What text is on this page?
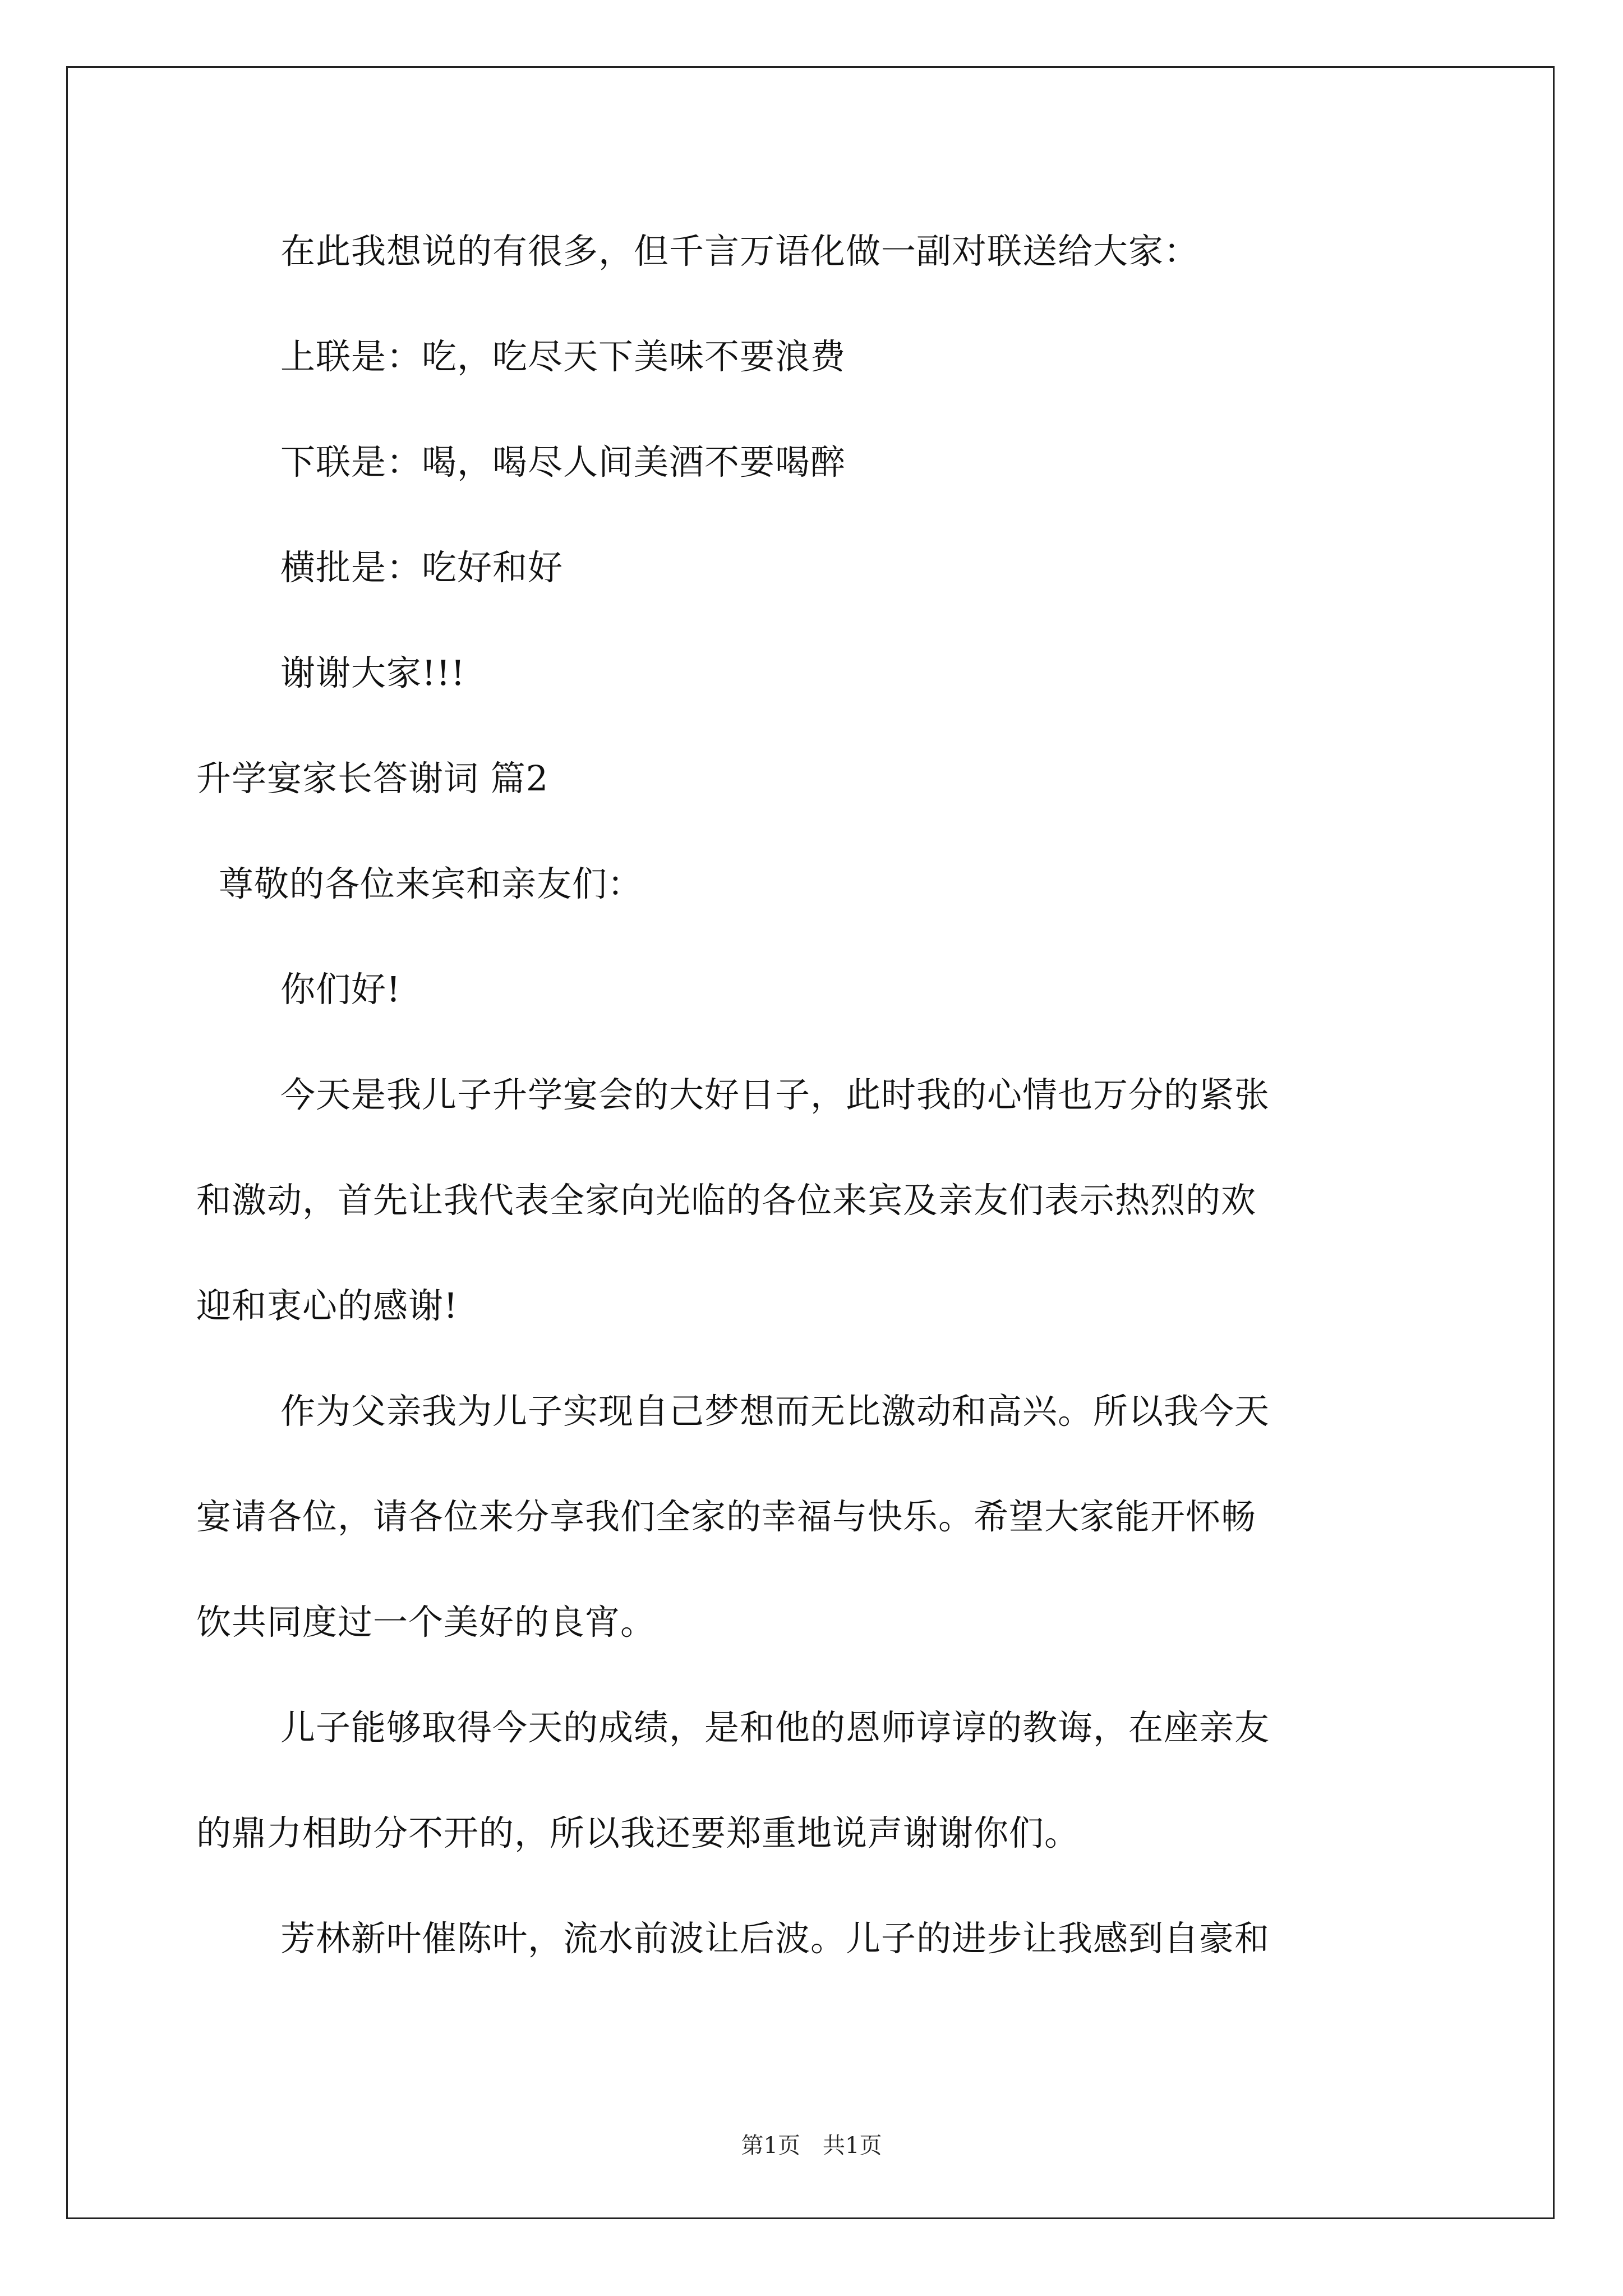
在此我想说的有很多，但千言万语化做一副对联送给大家：
上联是：吃，吃尽天下美味不要浪费
下联是：喝，喝尽人间美酒不要喝醉
横批是：吃好和好
谢谢大家!!!
升学宴家长答谢词 篇2
尊敬的各位来宾和亲友们：
你们好!
今天是我儿子升学宴会的大好日子，此时我的心情也万分的紧张
和激动，首先让我代表全家向光临的各位来宾及亲友们表示热烈的欢
迎和衷心的感谢!
作为父亲我为儿子实现自己梦想而无比激动和高兴。所以我今天
宴请各位，请各位来分享我们全家的幸福与快乐。希望大家能开怀畅
饮共同度过一个美好的良宵。
儿子能够取得今天的成绩，是和他的恩师谆谆的教诲，在座亲友
的鼎力相助分不开的，所以我还要郑重地说声谢谢你们。
芳林新叶催陈叶，流水前波让后波。儿子的进步让我感到自豪和
第1页　共1页
